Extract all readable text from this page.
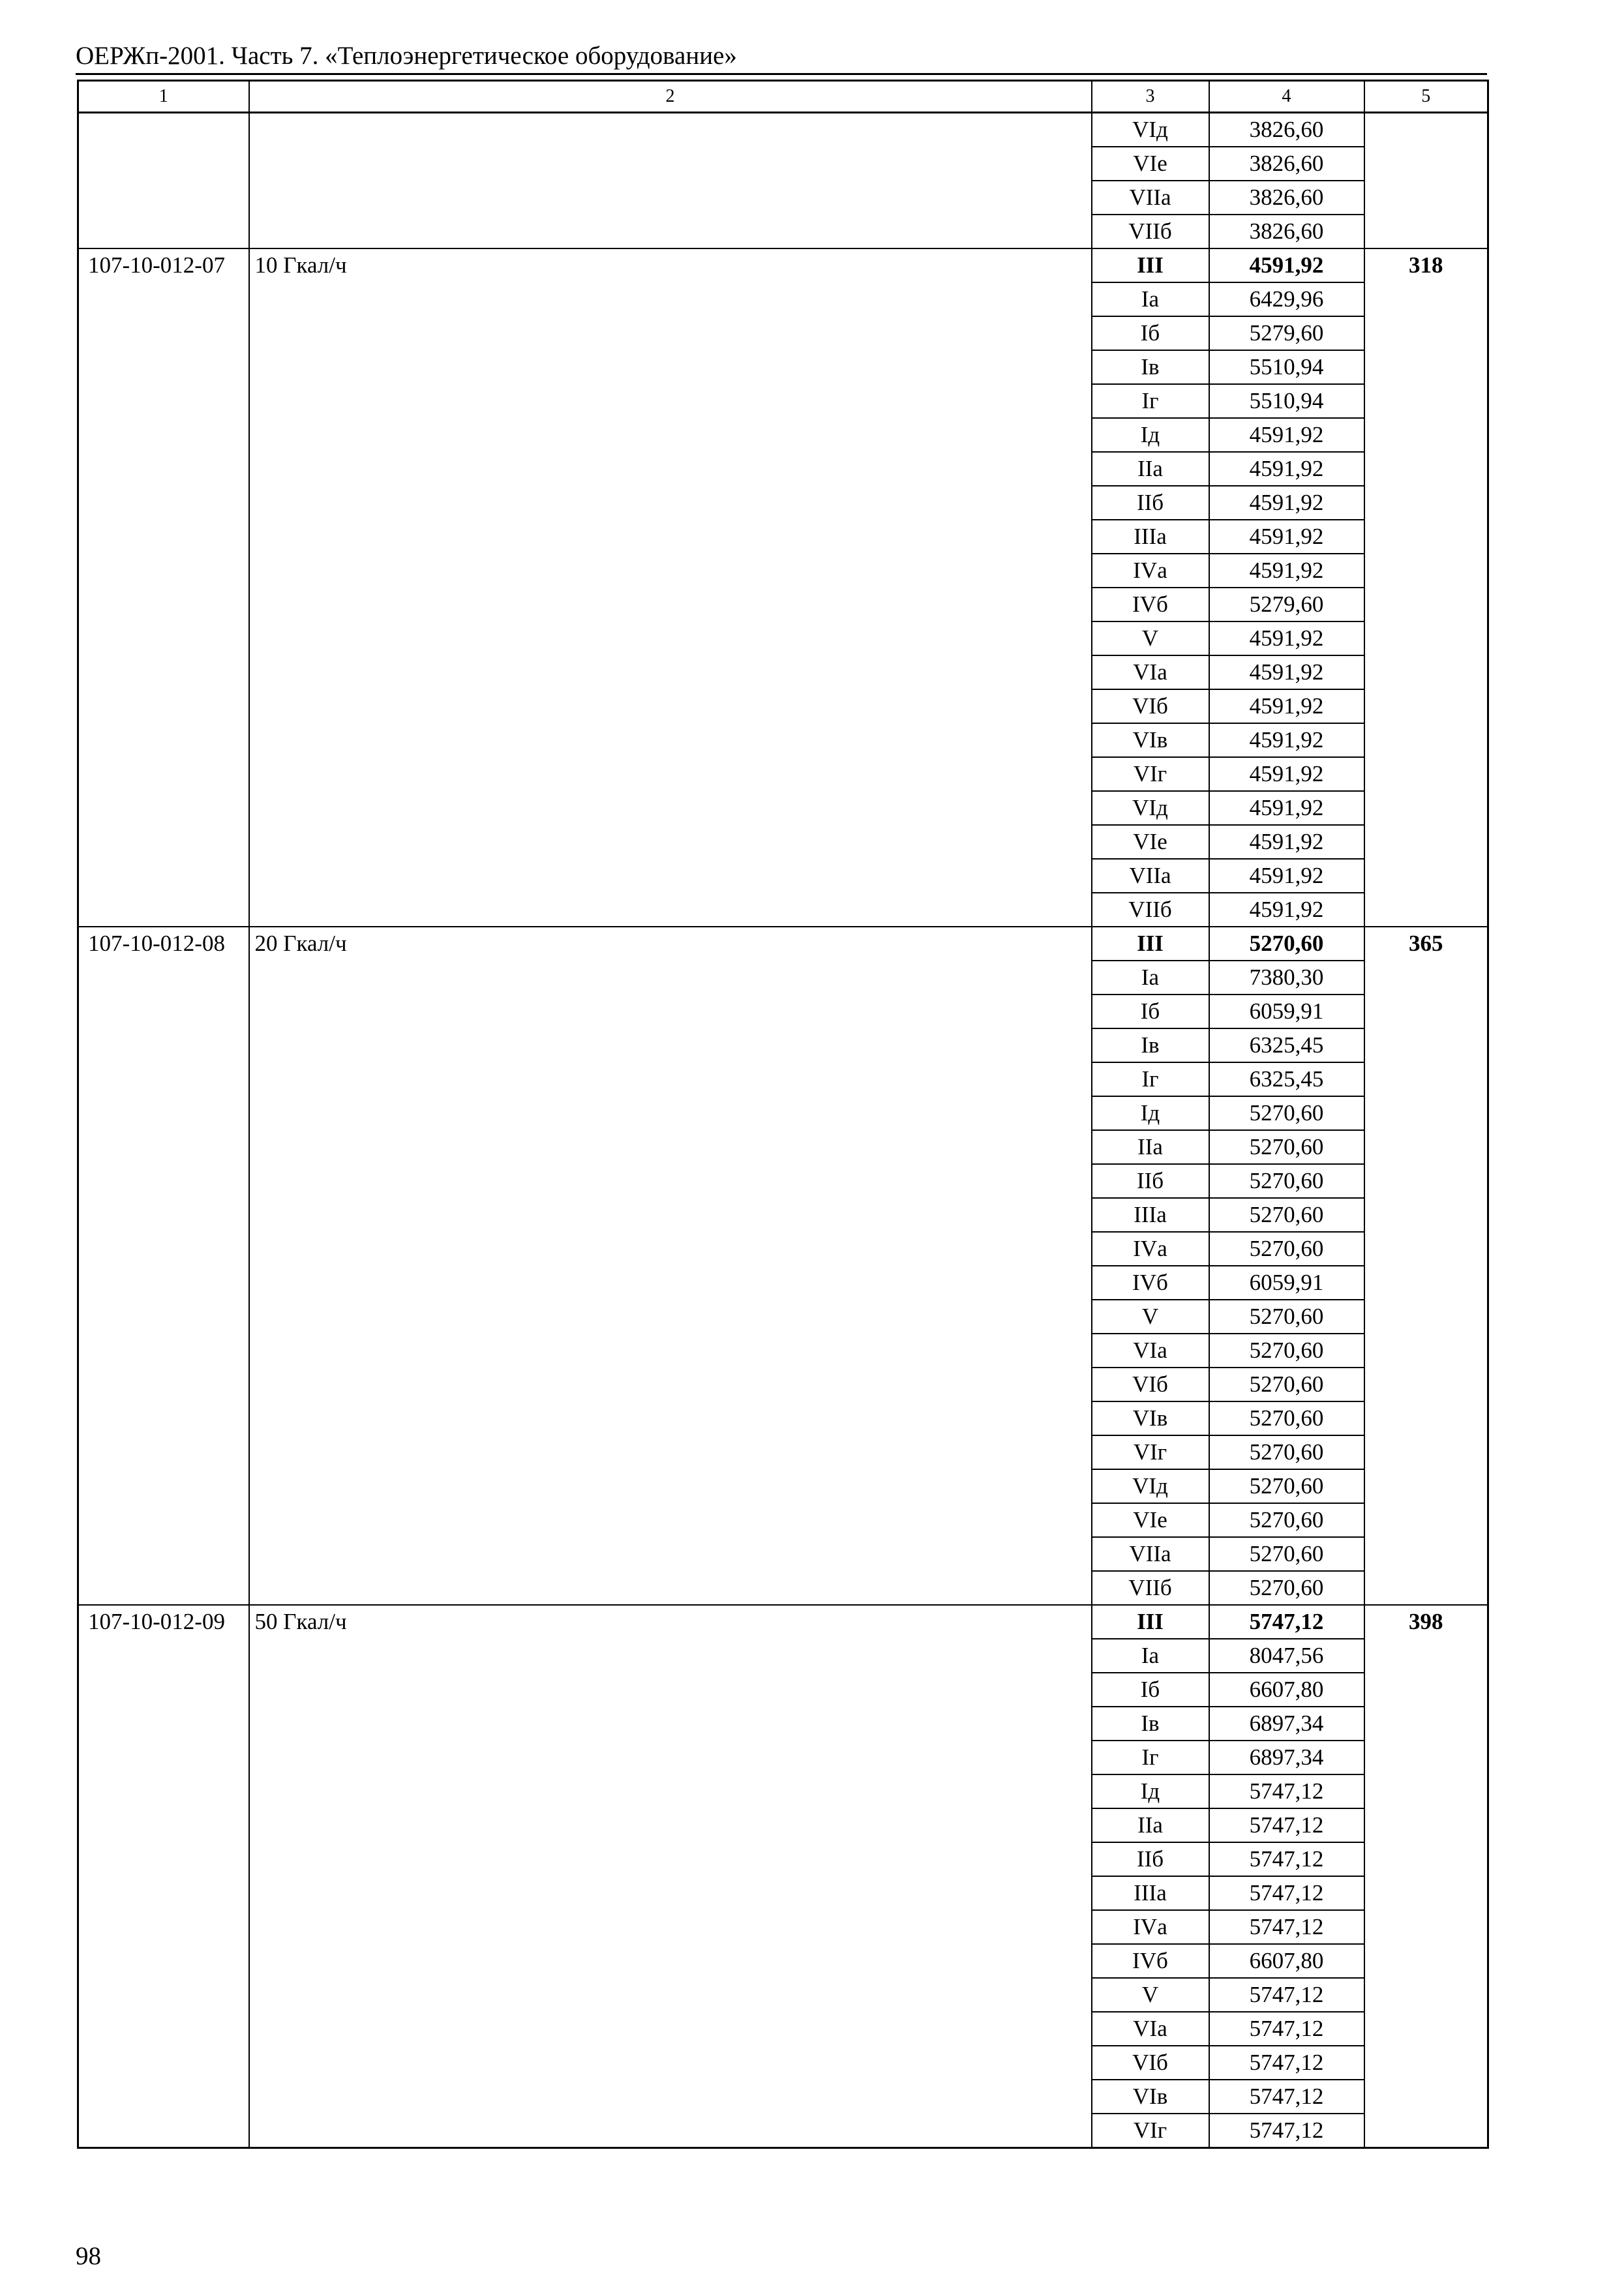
ОЕРЖп-2001. Часть 7. «Теплоэнергетическое оборудование»
1	2	3	4	5
		VIд	3826,60	
		VIе	3826,60	
		VIIа	3826,60	
		VIIб	3826,60	
107-10-012-07	10 Гкал/ч	III	4591,92	318
		Iа	6429,96	
		Iб	5279,60	
		Iв	5510,94	
		Iг	5510,94	
		Iд	4591,92	
		IIа	4591,92	
		IIб	4591,92	
		IIIа	4591,92	
		IVа	4591,92	
		IVб	5279,60	
		V	4591,92	
		VIа	4591,92	
		VIб	4591,92	
		VIв	4591,92	
		VIг	4591,92	
		VIд	4591,92	
		VIе	4591,92	
		VIIа	4591,92	
		VIIб	4591,92	
107-10-012-08	20 Гкал/ч	III	5270,60	365
		Iа	7380,30	
		Iб	6059,91	
		Iв	6325,45	
		Iг	6325,45	
		Iд	5270,60	
		IIа	5270,60	
		IIб	5270,60	
		IIIа	5270,60	
		IVа	5270,60	
		IVб	6059,91	
		V	5270,60	
		VIа	5270,60	
		VIб	5270,60	
		VIв	5270,60	
		VIг	5270,60	
		VIд	5270,60	
		VIе	5270,60	
		VIIа	5270,60	
		VIIб	5270,60	
107-10-012-09	50 Гкал/ч	III	5747,12	398
		Iа	8047,56	
		Iб	6607,80	
		Iв	6897,34	
		Iг	6897,34	
		Iд	5747,12	
		IIа	5747,12	
		IIб	5747,12	
		IIIа	5747,12	
		IVа	5747,12	
		IVб	6607,80	
		V	5747,12	
		VIа	5747,12	
		VIб	5747,12	
		VIв	5747,12	
		VIг	5747,12	
98
